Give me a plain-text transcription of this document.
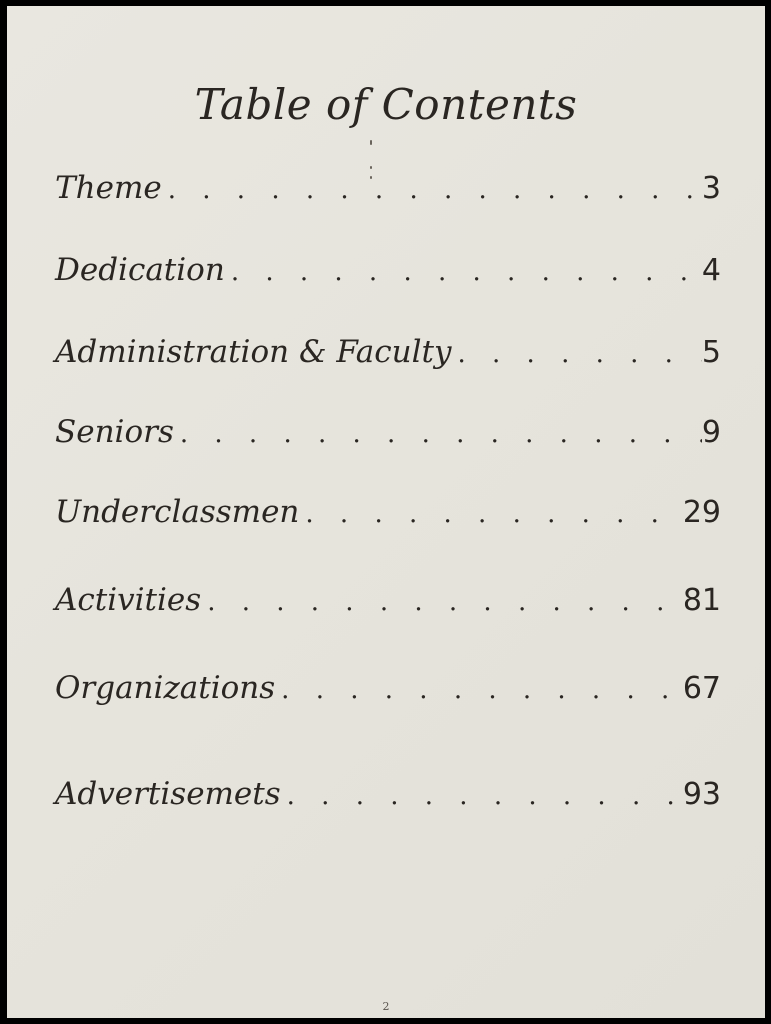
Table of Contents
Theme . . .	3
Dedication . . .	4
Administration & Faculty . . .	5
Seniors . . .	9
Underclassmen . . .	29
Activities . . .	81
Organizations . . .	67
Advertisemets . . .	93
2
